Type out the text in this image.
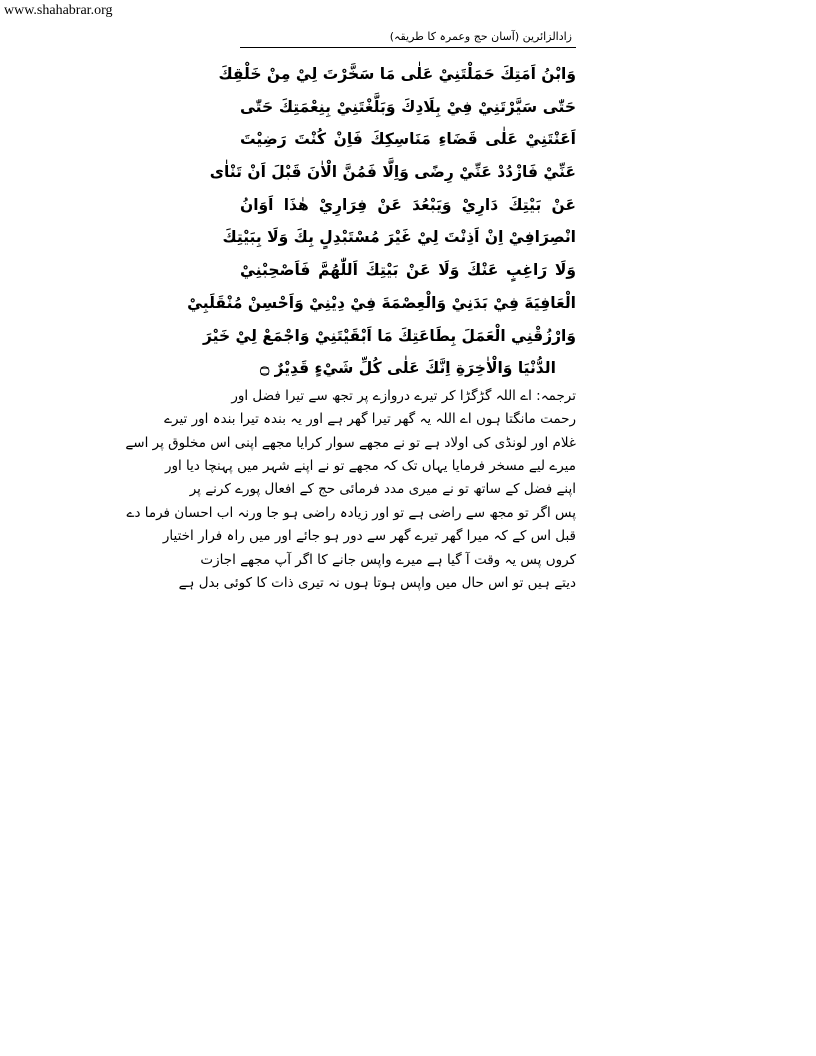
www.shahabrar.org
زادالزائرین (آسان حج وعمرہ کا طریقہ)
وَابْنُ اَمَتِكَ حَمَلْتَنِيْ عَلٰى مَا سَخَّرْتَ لِيْ مِنْ خَلْقِكَ
حَتّٰى سَيَّرْتَنِيْ فِيْ بِلَادِكَ وَبَلَّغْتَنِيْ بِنِعْمَتِكَ حَتّٰى
اَعَنْتَنِيْ عَلٰى قَضَاءِ مَنَاسِكِكَ فَاِنْ كُنْتَ رَضِيْتَ
عَنِّيْ فَازْدُدْ عَنِّيْ رِضًى وَاِلَّا فَمُنَّ الْاٰنَ قَبْلَ اَنْ تَنْاٰى
عَنْ بَيْتِكَ دَارِيْ وَيَبْعُدَ عَنْ فِرَارِيْ هٰذَا اَوَانُ
انْصِرَافِيْ اِنْ اَذِنْتَ لِيْ غَيْرَ مُسْتَبْدِلٍ بِكَ وَلَا بِبَيْتِكَ
وَلَا رَاغِبٍ عَنْكَ وَلَا عَنْ بَيْتِكَ اَللّٰهُمَّ فَاَصْحِبْنِيْ
الْعَافِيَةَ فِيْ بَدَنِيْ وَالْعِصْمَةَ فِيْ دِيْنِيْ وَاَحْسِنْ مُنْقَلَبِيْ
وَارْزُقْنِي الْعَمَلَ بِطَاعَتِكَ مَا اَبْقَيْتَنِيْ وَاجْمَعْ لِيْ خَيْرَ
الدُّنْيَا وَالْاٰخِرَةِ اِنَّكَ عَلٰى كُلِّ شَيْءٍ قَدِيْرٌ ۝
ترجمہ: اے اللہ گڑگڑا کر تیرے دروازے پر تجھ سے تیرا فضل اور
رحمت مانگتا ہوں اے اللہ یہ گھر تیرا گھر ہے اور یہ بندہ تیرا بندہ اور تیرے
غلام اور لونڈی کی اولاد ہے تو نے مجھے سوار کرایا مجھے اپنی اس مخلوق پر اسے
میرے لیے مسخر فرمایا یہاں تک کہ مجھے تو نے اپنے شہر میں پہنچا دیا اور
اپنے فضل کے ساتھ تو نے میری مدد فرمائی حج کے افعال پورے کرنے پر
پس اگر تو مجھ سے راضی ہے تو اور زیادہ راضی ہو جا ورنہ اب احسان فرما دے
قبل اس کے کہ میرا گھر تیرے گھر سے دور ہو جائے اور میں راہ فرار اختیار
کروں پس یہ وقت آ گیا ہے میرے واپس جانے کا اگر آپ مجھے اجازت
دیتے ہیں تو اس حال میں واپس ہوتا ہوں نہ تیری ذات کا کوئی بدل ہے
